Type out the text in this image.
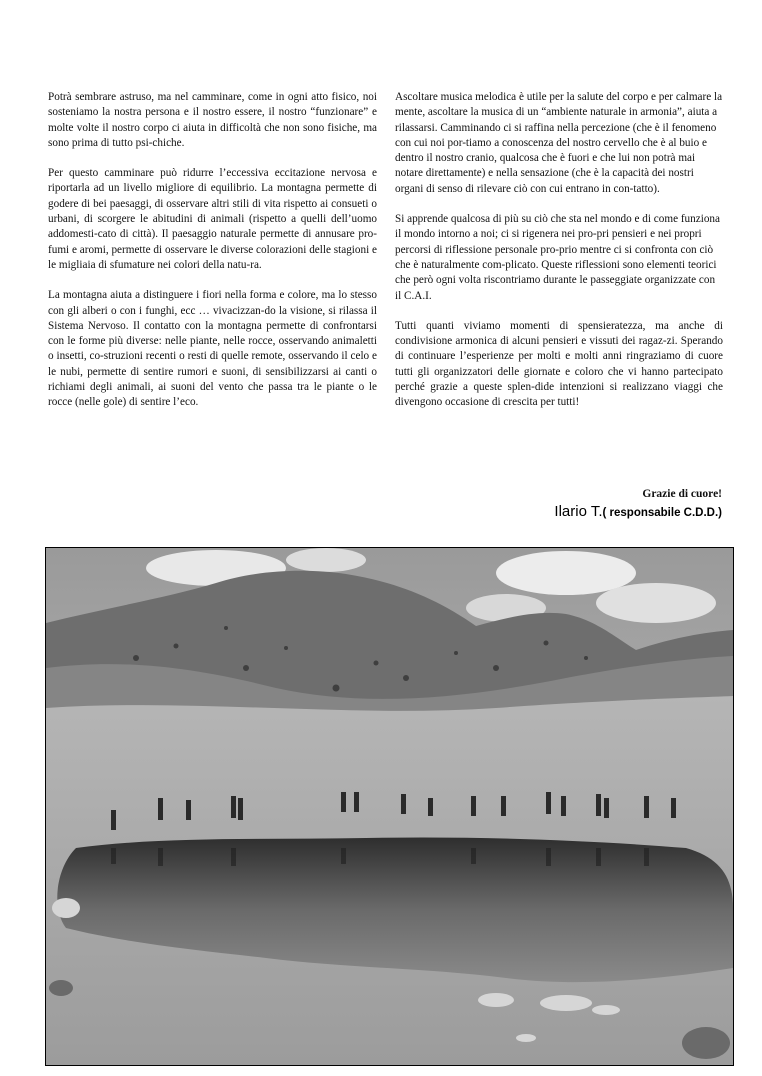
Potrà sembrare astruso, ma nel camminare, come in ogni atto fisico, noi sosteniamo la nostra persona e il nostro essere, il nostro “funzionare” e molte volte il nostro corpo ci aiuta in difficoltà che non sono fisiche, ma sono prima di tutto psi-chiche.

Per questo camminare può ridurre l’eccessiva eccitazione nervosa e riportarla ad un livello migliore di equilibrio. La montagna permette di godere di bei paesaggi, di osservare altri stili di vita rispetto ai consueti o urbani, di scorgere le abitudini di animali (rispetto a quelli dell’uomo addomesti-cato di città). Il paesaggio naturale permette di annusare pro-fumi e aromi, permette di osservare le diverse colorazioni delle stagioni e le migliaia di sfumature nei colori della natu-ra.

La montagna aiuta a distinguere i fiori nella forma e colore, ma lo stesso con gli alberi o con i funghi, ecc … vivacizzan-do la visione, si rilassa il Sistema Nervoso. Il contatto con la montagna permette di confrontarsi con le forme più diverse: nelle piante, nelle rocce, osservando animaletti o insetti, co-struzioni recenti o resti di quelle remote, osservando il celo e le nubi, permette di sentire rumori e suoni, di sensibilizzarsi ai canti o richiami degli animali, ai suoni del vento che passa tra le piante o le rocce (nelle gole) di sentire l’eco.

Ascoltare musica melodica è utile per la salute del corpo e per calmare la mente, ascoltare la musica di un “ambiente naturale in armonia”, aiuta a rilassarsi. Camminando ci si raffina nella percezione (che è il fenomeno con cui noi por-tiamo a conoscenza del nostro cervello che è al buio e dentro il nostro cranio, qualcosa che è fuori e che lui non potrà mai notare direttamente) e nella sensazione (che è la capacità dei nostri organi di senso di rilevare ciò con cui entrano in con-tatto).

Si apprende qualcosa di più su ciò che sta nel mondo e di come funziona il mondo intorno a noi; ci si rigenera nei pro-pri pensieri e nei propri percorsi di riflessione personale pro-prio mentre ci si confronta con ciò che è naturalmente com-plicato. Queste riflessioni sono elementi teorici che però ogni volta riscontriamo durante le passeggiate organizzate con il C.A.I.

Tutti quanti viviamo momenti di spensieratezza, ma anche di condivisione armonica di alcuni pensieri e vissuti dei ragaz-zi. Sperando di continuare l’esperienze per molti e molti anni ringraziamo di cuore tutti gli organizzatori delle giornate e coloro che vi hanno partecipato perché grazie a queste splen-dide intenzioni si realizzano viaggi che divengono occasione di crescita per tutti!

Grazie di cuore!
Ilario T.( responsabile C.D.D.)
